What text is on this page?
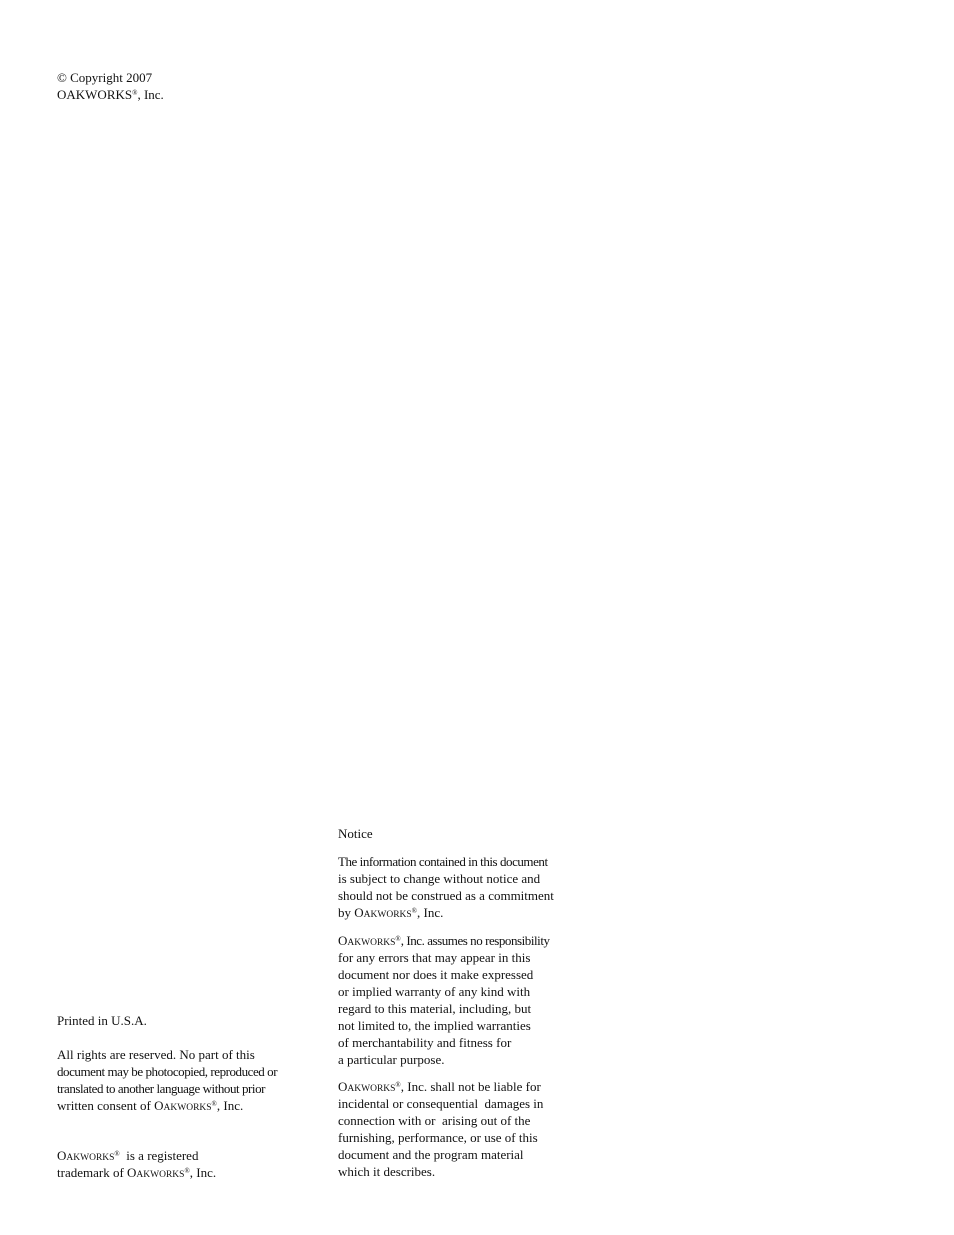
© Copyright 2007
OAKWORKS®, Inc.
Printed in U.S.A.
All rights are reserved. No part of this
document may be photocopied, reproduced or
translated to another language without prior
written consent of OAKWORKS®, Inc.
OAKWORKS®  is a registered
trademark of OAKWORKS®, Inc.
Notice
The information contained in this document
is subject to change without notice and
should not be construed as a commitment
by OAKWORKS®, Inc.
OAKWORKS®, Inc. assumes no responsibility
for any errors that may appear in this
document nor does it make expressed
or implied warranty of any kind with
regard to this material, including, but
not limited to, the implied warranties
of merchantability and fitness for
a particular purpose.
OAKWORKS®, Inc. shall not be liable for
incidental or consequential  damages in
connection with or  arising out of the
furnishing, performance, or use of this
document and the program material
which it describes.
